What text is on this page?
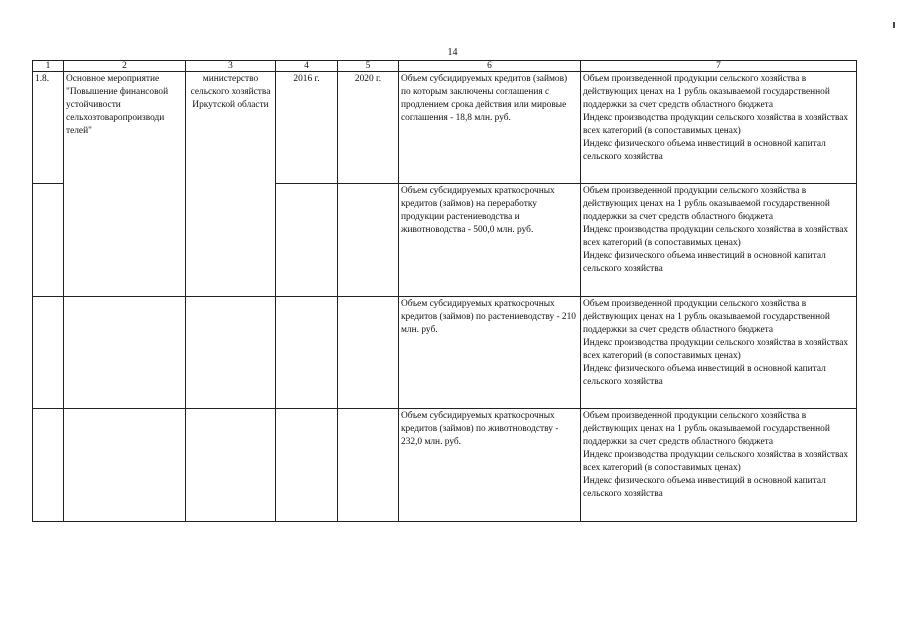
14
1	2	3	4	5	6	7
1.8.	Основное мероприятие "Повышение финансовой устойчивости сельхозтоваропроизводи телей"	министерство сельского хозяйства Иркутской области	2016 г.	2020 г.	Объем субсидируемых кредитов (займов) по которым заключены соглашения с продлением срока действия или мировые соглашения - 18,8 млн. руб.	Объем произведенной продукции сельского хозяйства в действующих ценах на 1 рубль оказываемой государственной поддержки за счет средств областного бюджета
Индекс производства продукции сельского хозяйства в хозяйствах всех категорий (в сопоставимых ценах)
Индекс физического объема инвестиций в основной капитал сельского хозяйства

					Объем субсидируемых краткосрочных кредитов (займов) на переработку продукции растениеводства и животноводства - 500,0 млн. руб.	Объем произведенной продукции сельского хозяйства в действующих ценах на 1 рубль оказываемой государственной поддержки за счет средств областного бюджета
Индекс производства продукции сельского хозяйства в хозяйствах всех категорий (в сопоставимых ценах)
Индекс физического объема инвестиций в основной капитал сельского хозяйства

					Объем субсидируемых краткосрочных кредитов (займов) по растениеводству - 210 млн. руб.	Объем произведенной продукции сельского хозяйства в действующих ценах на 1 рубль оказываемой государственной поддержки за счет средств областного бюджета
Индекс производства продукции сельского хозяйства в хозяйствах всех категорий (в сопоставимых ценах)
Индекс физического объема инвестиций в основной капитал сельского хозяйства

					Объем субсидируемых краткосрочных кредитов (займов) по животноводству - 232,0 млн. руб.	Объем произведенной продукции сельского хозяйства в действующих ценах на 1 рубль оказываемой государственной поддержки за счет средств областного бюджета
Индекс производства продукции сельского хозяйства в хозяйствах всех категорий (в сопоставимых ценах)
Индекс физического объема инвестиций в основной капитал сельского хозяйства
